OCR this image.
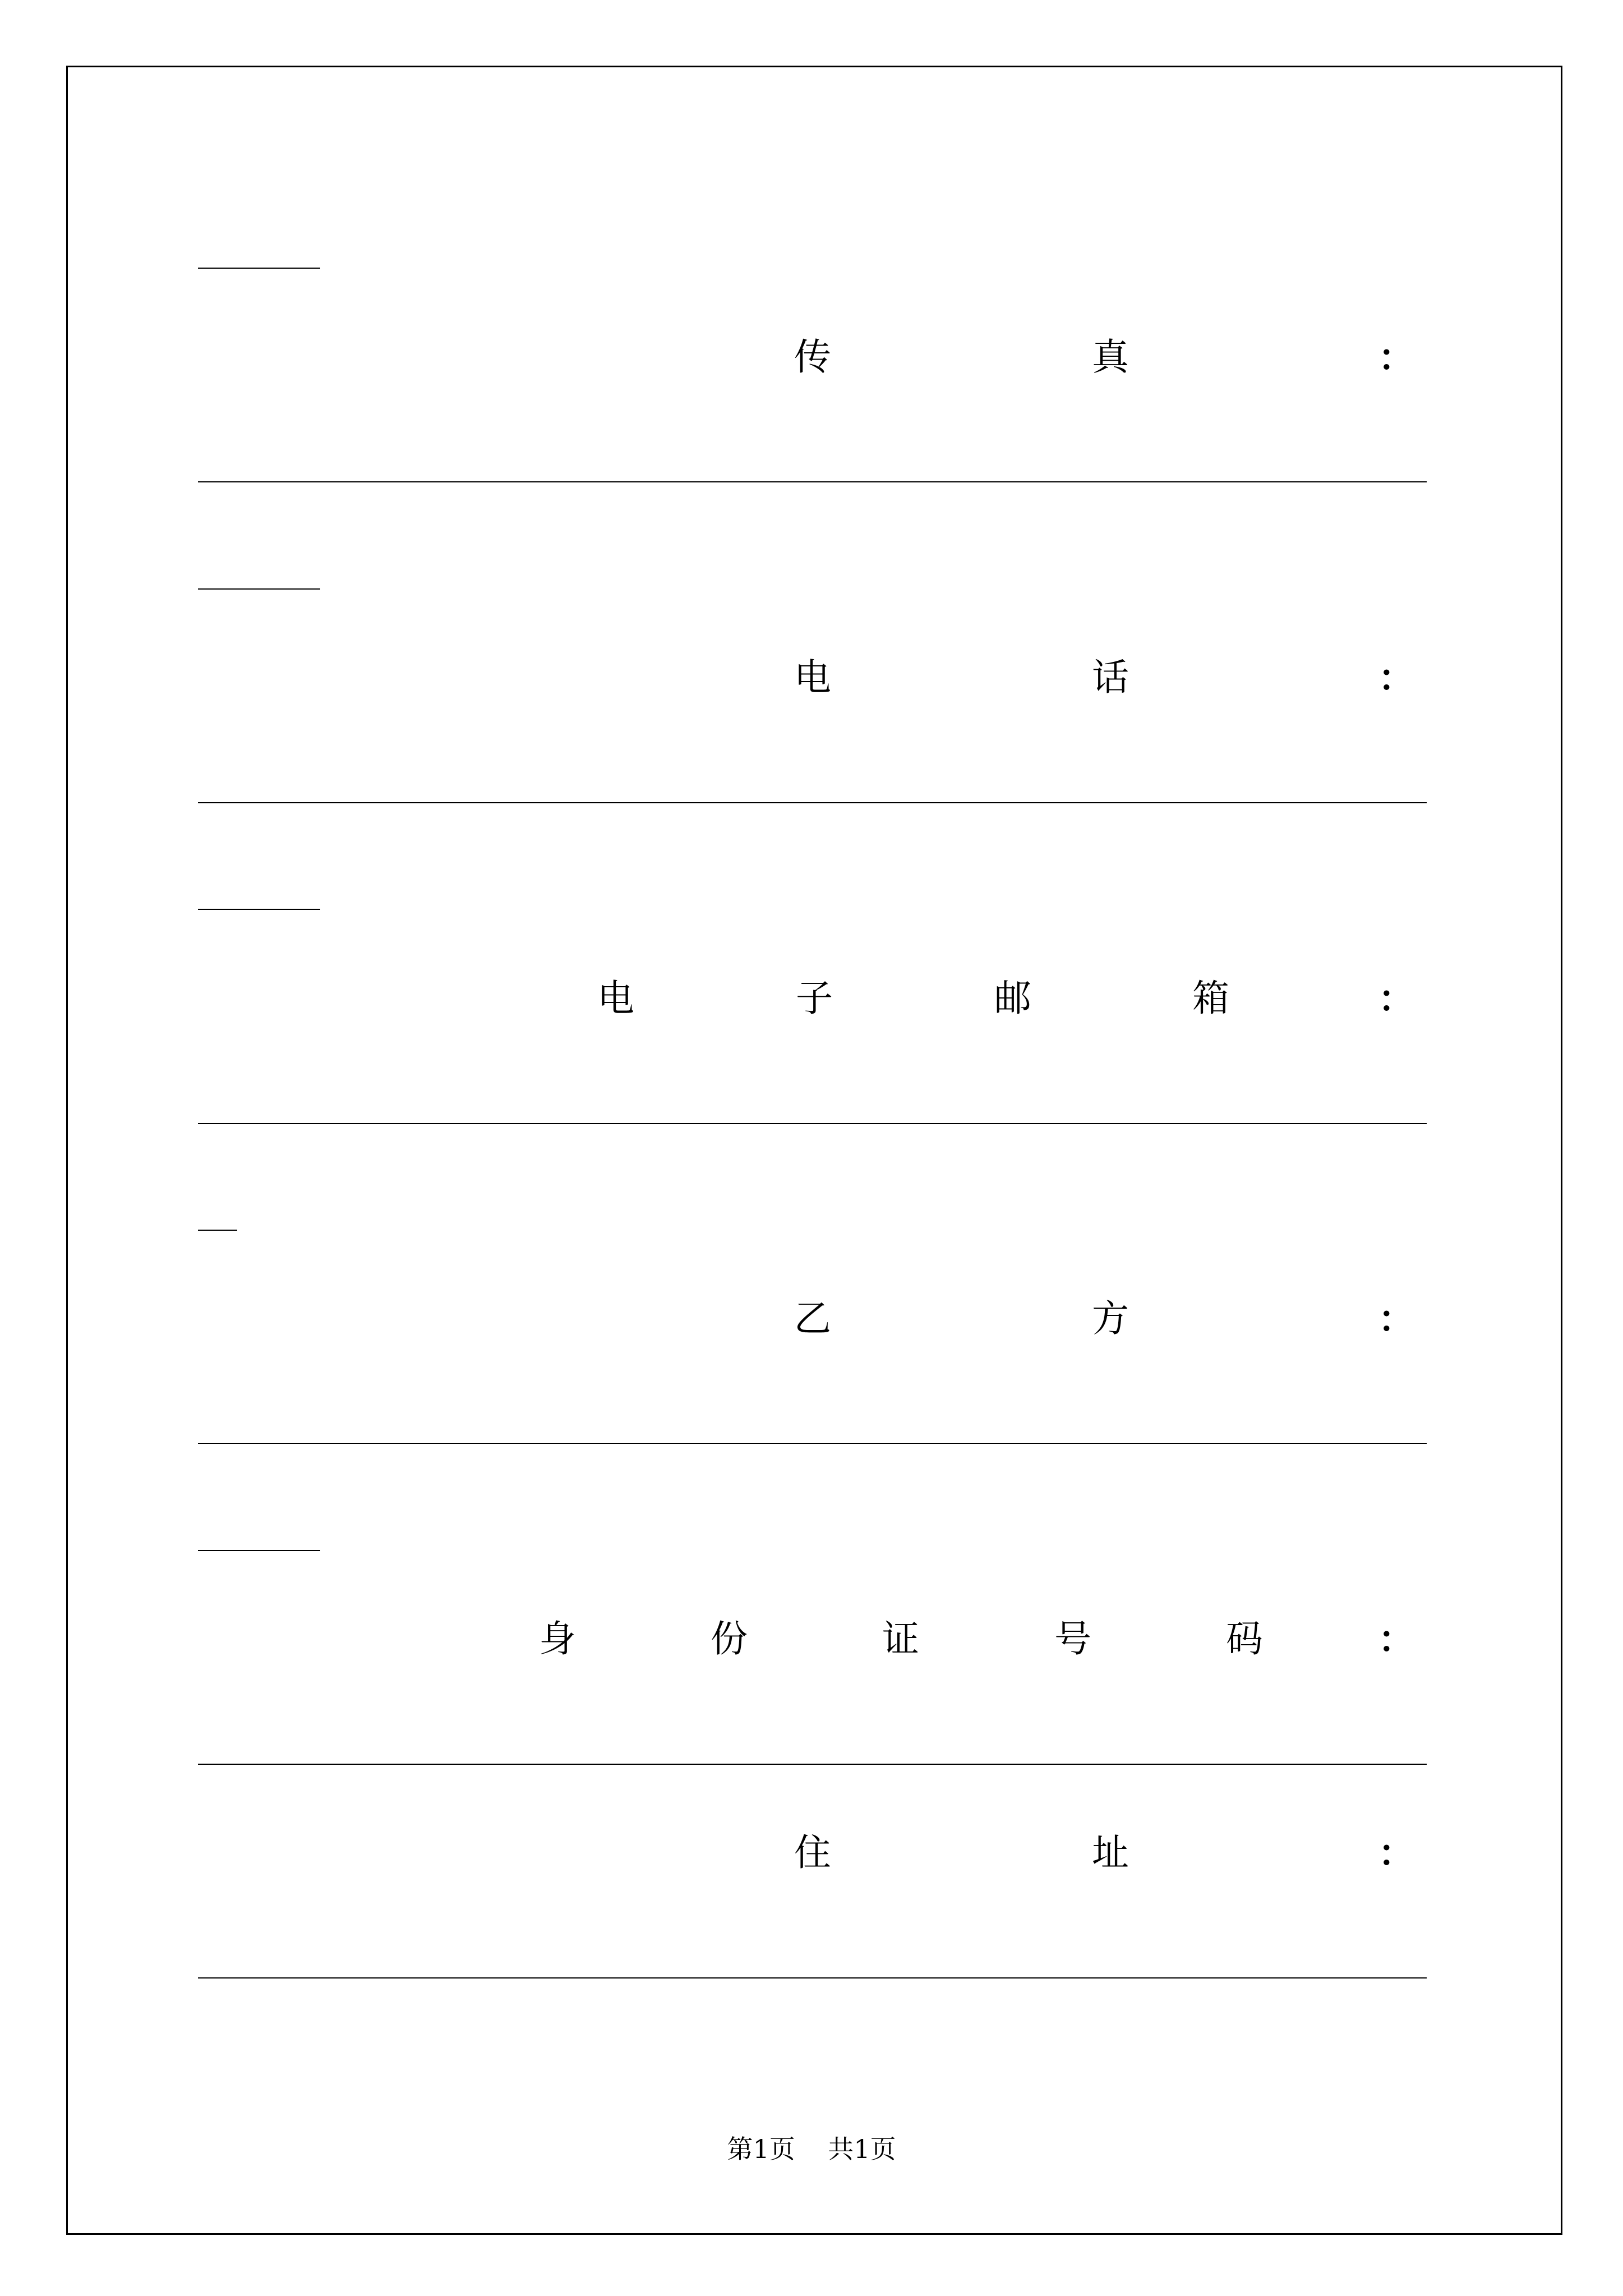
传	真	：
电	话	：
电	子	邮	箱	：
乙	方	：
身	份	证	号	码	：
住	址	：
第1页    共1页
